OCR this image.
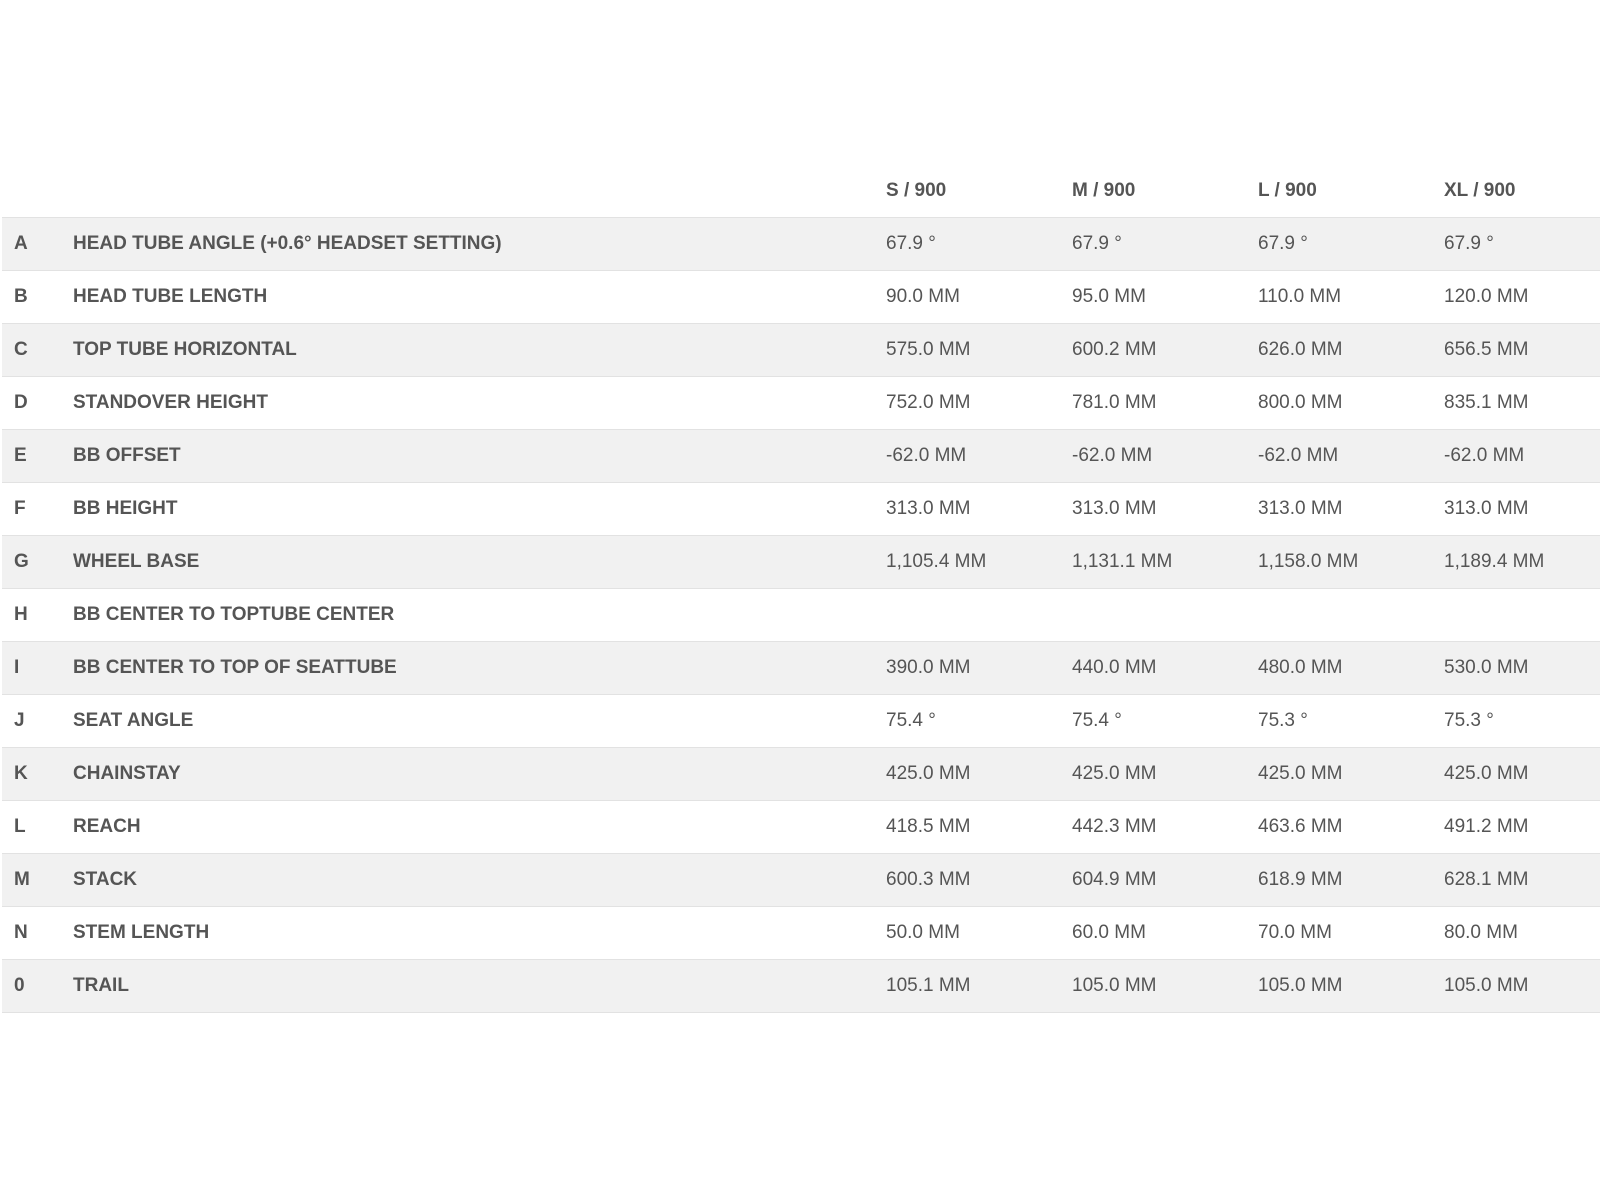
		S / 900	M / 900	L / 900	XL / 900
A	HEAD TUBE ANGLE (+0.6° HEADSET SETTING)	67.9 °	67.9 °	67.9 °	67.9 °
B	HEAD TUBE LENGTH	90.0 MM	95.0 MM	110.0 MM	120.0 MM
C	TOP TUBE HORIZONTAL	575.0 MM	600.2 MM	626.0 MM	656.5 MM
D	STANDOVER HEIGHT	752.0 MM	781.0 MM	800.0 MM	835.1 MM
E	BB OFFSET	-62.0 MM	-62.0 MM	-62.0 MM	-62.0 MM
F	BB HEIGHT	313.0 MM	313.0 MM	313.0 MM	313.0 MM
G	WHEEL BASE	1,105.4 MM	1,131.1 MM	1,158.0 MM	1,189.4 MM
H	BB CENTER TO TOPTUBE CENTER				
I	BB CENTER TO TOP OF SEATTUBE	390.0 MM	440.0 MM	480.0 MM	530.0 MM
J	SEAT ANGLE	75.4 °	75.4 °	75.3 °	75.3 °
K	CHAINSTAY	425.0 MM	425.0 MM	425.0 MM	425.0 MM
L	REACH	418.5 MM	442.3 MM	463.6 MM	491.2 MM
M	STACK	600.3 MM	604.9 MM	618.9 MM	628.1 MM
N	STEM LENGTH	50.0 MM	60.0 MM	70.0 MM	80.0 MM
0	TRAIL	105.1 MM	105.0 MM	105.0 MM	105.0 MM
